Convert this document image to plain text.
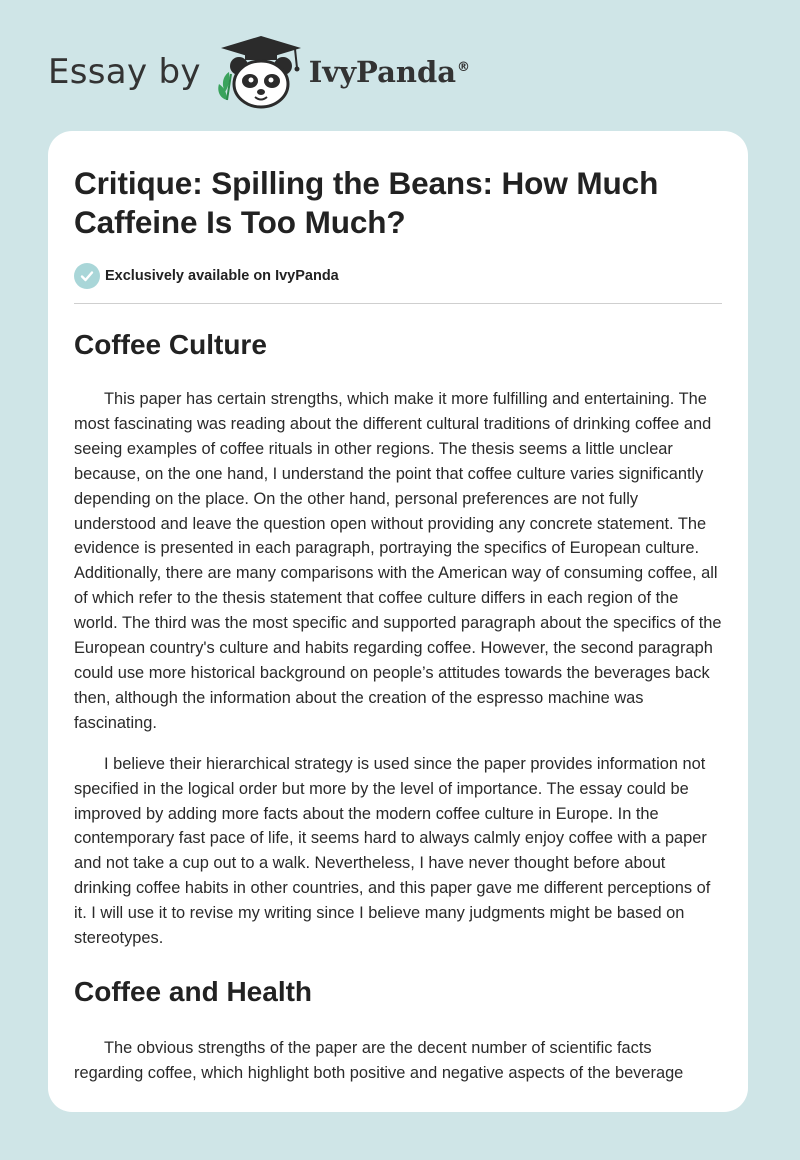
Essay by	IvyPanda®
Critique: Spilling the Beans: How Much Caffeine Is Too Much?
Exclusively available on IvyPanda
Coffee Culture

This paper has certain strengths, which make it more fulfilling and entertaining. The most fascinating was reading about the different cultural traditions of drinking coffee and seeing examples of coffee rituals in other regions. The thesis seems a little unclear because, on the one hand, I understand the point that coffee culture varies significantly depending on the place. On the other hand, personal preferences are not fully understood and leave the question open without providing any concrete statement. The evidence is presented in each paragraph, portraying the specifics of European culture. Additionally, there are many comparisons with the American way of consuming coffee, all of which refer to the thesis statement that coffee culture differs in each region of the world. The third was the most specific and supported paragraph about the specifics of the European country's culture and habits regarding coffee. However, the second paragraph could use more historical background on people’s attitudes towards the beverages back then, although the information about the creation of the espresso machine was fascinating.

I believe their hierarchical strategy is used since the paper provides information not specified in the logical order but more by the level of importance. The essay could be improved by adding more facts about the modern coffee culture in Europe. In the contemporary fast pace of life, it seems hard to always calmly enjoy coffee with a paper and not take a cup out to a walk. Nevertheless, I have never thought before about drinking coffee habits in other countries, and this paper gave me different perceptions of it. I will use it to revise my writing since I believe many judgments might be based on stereotypes.

Coffee and Health

The obvious strengths of the paper are the decent number of scientific facts regarding coffee, which highlight both positive and negative aspects of the beverage
